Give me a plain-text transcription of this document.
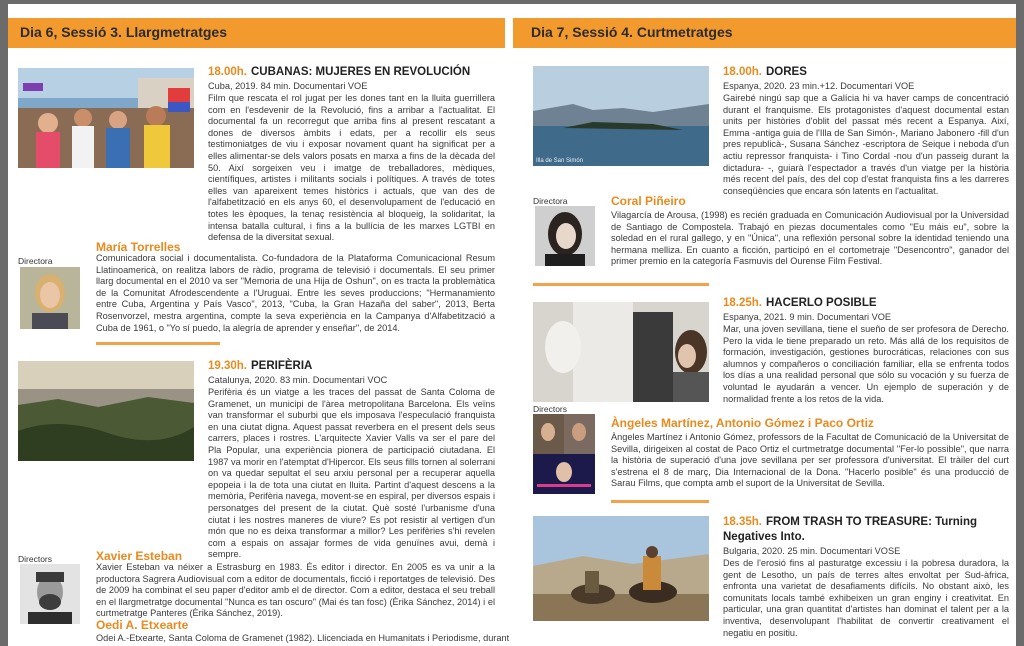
Dia 6, Sessió 3. Llargmetratges
18.00h. CUBANAS: MUJERES EN REVOLUCIÓN
Cuba, 2019. 84 min. Documentari VOE
Film que rescata el rol jugat per les dones tant en la lluita guerrillera com en l'esdevenir de la Revolució, fins a arribar a l'actualitat. El documental fa un recorregut que arriba fins al present rescatant a dones de diversos àmbits i edats, per a recollir els seus testimoniatges de viu i exposar novament quant ha significat per a elles alimentar-se dels valors posats en marxa a fins de la dècada del 50. Així sorgeixen veu i imatge de treballadores, mèdiques, científiques, artistes i militants socials i polítiques. A través de totes elles van apareixent temes històrics i actuals, que van des de l'alfabetització en els anys 60, el desenvolupament de l'educació en totes les èpoques, la tenaç resistència al bloqueig, la solidaritat, la intensa batalla cultural, i fins a la bullícia de les marxes LGTBI en defensa de la diversitat sexual.
María Torrelles
Directora	Comunicadora social i documentalista. Co-fundadora de la Plataforma Comunicacional Resum Llatinoamericà, on realitza labors de ràdio, programa de televisió i documentals. El seu primer llarg documental en el 2010 va ser "Memoria de una Hija de Oshun", on es tracta la problemàtica de la Comunitat Afrodescendente a l'Uruguai. Entre les seves produccions; "Hermanamiento entre Cuba, Argentina y País Vasco", 2013, "Cuba, la Gran Hazaña del saber", 2013, Berta Rosenvorzel, mestra argentina, compte la seva experiència en la Campanya d'Alfabetització a Cuba de 1961, o "Yo sí puedo, la alegría de aprender y enseñar", de 2014.
19.30h. PERIFÈRIA
Catalunya, 2020. 83 min. Documentari VOC
Perifèria és un viatge a les traces del passat de Santa Coloma de Gramenet, un municipi de l'àrea metropolitana Barcelona. Els veïns van transformar el suburbi que els imposava l'especulació franquista en una ciutat digna. Aquest passat reverbera en el present dels seus carrers, places i rostres. L'arquitecte Xavier Valls va ser el pare del Pla Popular, una experiència pionera de participació ciutadana. El 1987 va morir en l'atemptat d'Hipercor. Els seus fills tornen al solerrani on va quedar sepultat el seu arxiu personal per a recuperar aquella epopeia i la de tota una ciutat en lluita. Partint d'aquest descens a la memòria, Perifèria navega, movent-se en espiral, per diversos espais i personatges del present de la ciutat. Què sosté l'urbanisme d'una ciutat i les nostres maneres de viure? Es pot resistir al vertigen d'un món que no es deixa transformar a millor? Les perifèries s'hi revelen com a espais on assajar formes de vida genuïnes avui, demà i sempre.
Xavier Esteban
Directors
Xavier Esteban va néixer a Estrasburg en 1983. És editor i director. En 2005 es va unir a la productora Sagrera Audiovisual com a editor de documentals, ficció i reportatges de televisió. Des de 2009 ha combinat el seu paper d'editor amb el de director. Com a editor, destaca el seu treball en el llargmetratge documental "Nunca es tan oscuro" (Mai és tan fosc) (Èrika Sánchez, 2014) i el curtmetratge Panteres (Èrika Sánchez, 2019).
Oedi A. Etxearte
Odei A.-Etxearte, Santa Coloma de Gramenet (1982). Llicenciada en Humanitats i Periodisme, durant
Dia 7, Sessió 4. Curtmetratges
Illa de San Simón
18.00h. DORES
Espanya, 2020. 23 min.+12. Documentari VOE
Gairebé ningú sap que a Galícia hi va haver camps de concentració durant el franquisme. Els protagonistes d'aquest documental estan units per històries d'oblit del passat més recent a Espanya. Així, Emma -antiga guia de l'Illa de San Simón-, Mariano Jabonero -fill d'un pres republicà-, Susana Sánchez -escriptora de Seique i neboda d'un actiu repressor franquista- i Tino Cordal -nou d'un passeig durant la dictadura- -, guiarà l'espectador a través d'un viatge per la història més recent del país, des del cop d'estat franquista fins a les darreres conseqüències que encara són latents en l'actualitat.
Directora	Coral Piñeiro
Vilagarcía de Arousa, (1998) es recién graduada en Comunicación Audiovisual por la Universidad de Santiago de Compostela. Trabajó en piezas documentales como "Eu máis eu", sobre la soledad en el rural gallego, y en "Única", una reflexión personal sobre la identidad teniendo una hermana melliza. En cuanto a ficción, participó en el cortometraje "Desencontro", ganador del primer premio en la categoría Fasmuvis del Ourense Film Festival.
18.25h. HACERLO POSIBLE
Espanya, 2021. 9 min. Documentari VOE
Mar, una joven sevillana, tiene el sueño de ser profesora de Derecho. Pero la vida le tiene preparado un reto. Más allá de los requisitos de formación, investigación, gestiones burocráticas, relaciones con sus alumnos y compañeros o conciliación familiar, ella se enfrenta todos los días a una realidad personal que sólo su vocación y su fuerza de voluntad le ayudarán a vencer. Un ejemplo de superación y de normalidad frente a los retos de la vida.
Directors
Àngeles Martínez, Antonio Gómez i Paco Ortiz
Àngeles Martínez i Antonio Gómez, professors de la Facultat de Comunicació de la Universitat de Sevilla, dirigeixen al costat de Paco Ortiz el curtmetratge documental "Fer-lo possible", que narra la història de superació d'una jove sevillana per ser professora d'universitat. El tràiler del curt s'estrena el 8 de març, Dia Internacional de la Dona. "Hacerlo posible" és una producció de Sarau Films, que compta amb el suport de la Universitat de Sevilla.
18.35h. FROM TRASH TO TREASURE: Turning
Negatives Into.
Bulgaria, 2020. 25 min. Documentari VOSE
Des de l'erosió fins al pasturatge excessiu i la pobresa duradora, la gent de Lesotho, un país de terres altes envoltat per Sud-àfrica, enfronta una varietat de desafiaments difícils. No obstant això, les comunitats locals també exhibeixen un gran enginy i creativitat. En particular, una gran quantitat d'artistes han dominat el talent per a la inventiva, desenvolupant l'habilitat de convertir creativament el negatiu en positiu.
